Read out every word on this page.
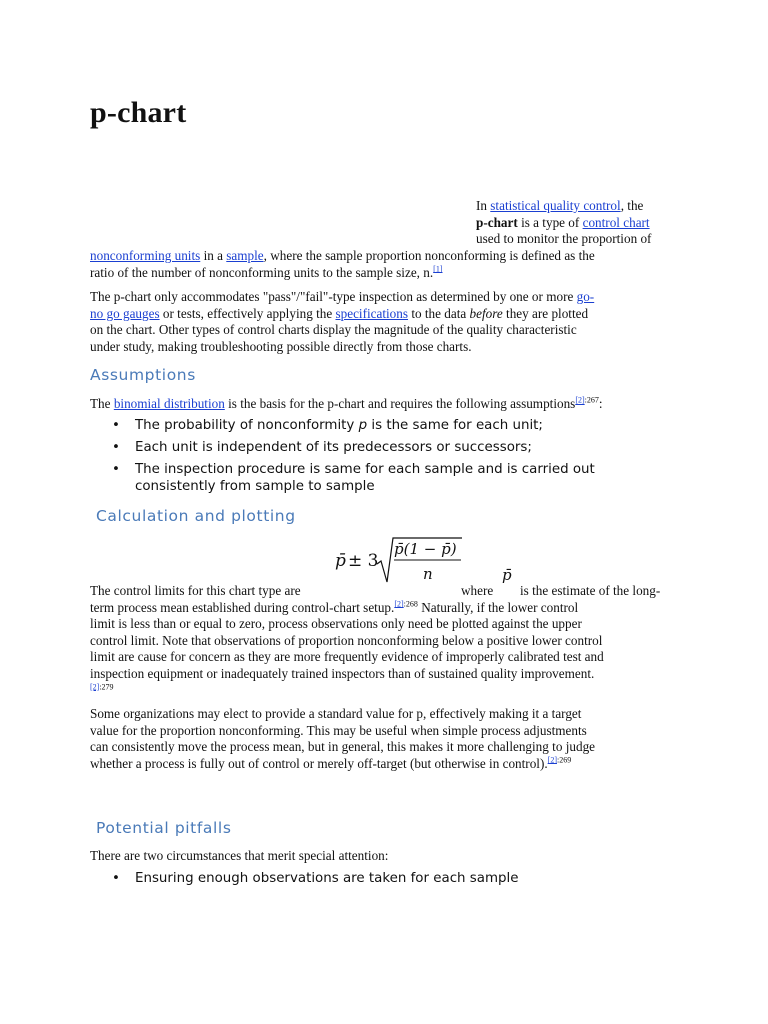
p-chart
In statistical quality control, the
p-chart is a type of control chart
used to monitor the proportion of
nonconforming units in a sample, where the sample proportion nonconforming is defined as the
ratio of the number of nonconforming units to the sample size, n.[1]
The p-chart only accommodates "pass"/"fail"-type inspection as determined by one or more go-
no go gauges or tests, effectively applying the specifications to the data before they are plotted
on the chart. Other types of control charts display the magnitude of the quality characteristic
under study, making troubleshooting possible directly from those charts.
Assumptions
The binomial distribution is the basis for the p-chart and requires the following assumptions$^{[2]:267}$:
• The probability of nonconformity p is the same for each unit;
• Each unit is independent of its predecessors or successors;
• The inspection procedure is same for each sample and is carried out consistently from sample to sample
Calculation and plotting
p̄ ± 3
p̄(1 − p̄)
n
The control limits for this chart type are	where
p̄
is the estimate of the long-
term process mean established during control-chart setup.$^{[2]:268}$ Naturally, if the lower control
limit is less than or equal to zero, process observations only need be plotted against the upper
control limit. Note that observations of proportion nonconforming below a positive lower control
limit are cause for concern as they are more frequently evidence of improperly calibrated test and
inspection equipment or inadequately trained inspectors than of sustained quality improvement.
$^{[2]:279}$
Some organizations may elect to provide a standard value for p, effectively making it a target
value for the proportion nonconforming. This may be useful when simple process adjustments
can consistently move the process mean, but in general, this makes it more challenging to judge
whether a process is fully out of control or merely off-target (but otherwise in control).$^{[2]:269}$
Potential pitfalls
There are two circumstances that merit special attention:
• Ensuring enough observations are taken for each sample
